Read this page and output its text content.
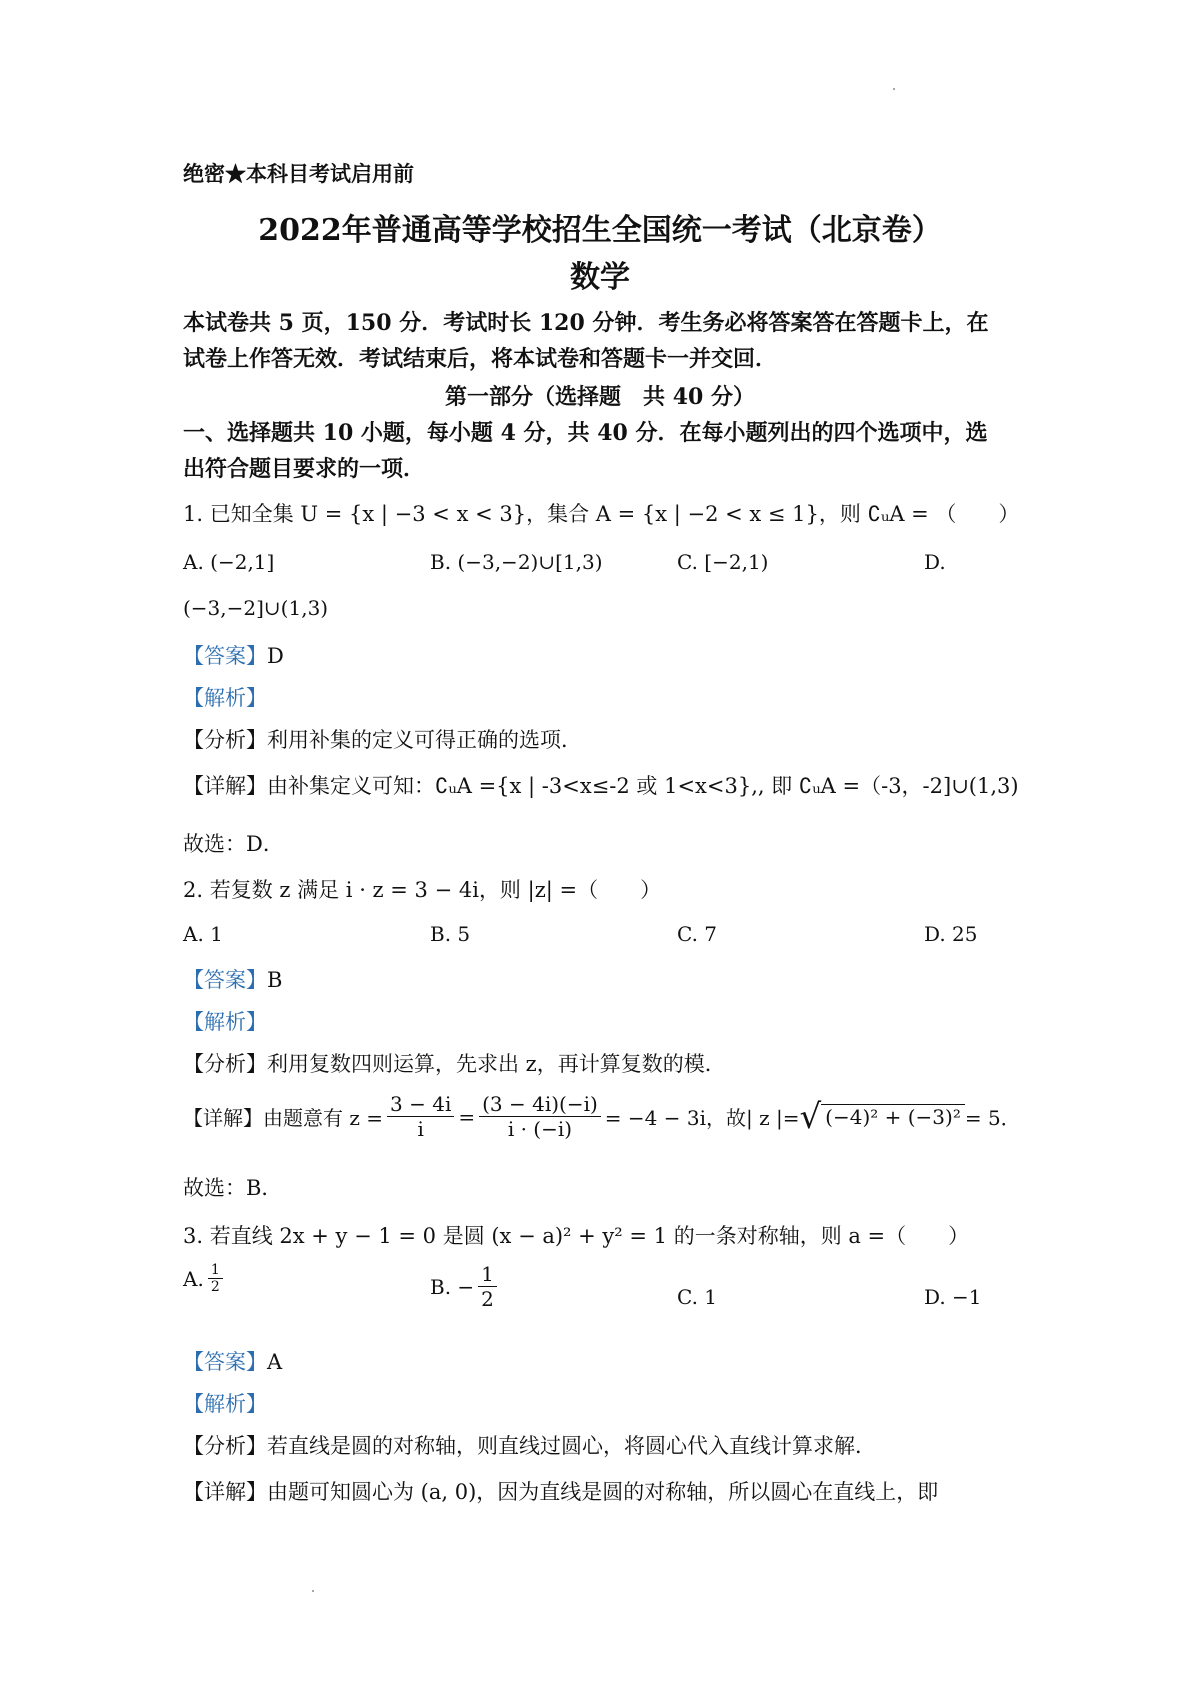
绝密★本科目考试启用前
2022年普通高等学校招生全国统一考试（北京卷）
数学
本试卷共 5 页，150 分．考试时长 120 分钟．考生务必将答案答在答题卡上，在
试卷上作答无效．考试结束后，将本试卷和答题卡一并交回．
第一部分（选择题　共 40 分）
一、选择题共 10 小题，每小题 4 分，共 40 分．在每小题列出的四个选项中，选
出符合题目要求的一项．
1. 已知全集 U = {x | −3 < x < 3}，集合 A = {x | −2 < x ≤ 1}，则 ∁ᵤA = （　　）
A. (−2,1]	B. (−3,−2)∪[1,3)	C. [−2,1)	D.
(−3,−2]∪(1,3)
【答案】D
【解析】
【分析】利用补集的定义可得正确的选项．
【详解】由补集定义可知：∁ᵤA ={x | -3<x≤-2 或 1<x<3},, 即 ∁ᵤA =（-3，-2]∪(1,3)
故选：D．
2. 若复数 z 满足 i · z = 3 − 4i，则 |z| =（　　）
A. 1	B. 5	C. 7	D. 25
【答案】B
【解析】
【分析】利用复数四则运算，先求出 z，再计算复数的模．
【详解】由题意有 $z = \frac{3 - 4i}{i} = \frac{(3 - 4i)(-i)}{i \cdot (-i)} = -4 - 3i$，故| z |= √ (−4)² + (−3)² = 5．
故选：B．
3. 若直线 2x + y − 1 = 0 是圆 (x − a)² + y² = 1 的一条对称轴，则 a =（　　）
A. $\frac{1}{2}$	B. − $\frac{1}{2}$	C. 1	D. −1
【答案】A
【解析】
【分析】若直线是圆的对称轴，则直线过圆心，将圆心代入直线计算求解．
【详解】由题可知圆心为 (a, 0)，因为直线是圆的对称轴，所以圆心在直线上，即
